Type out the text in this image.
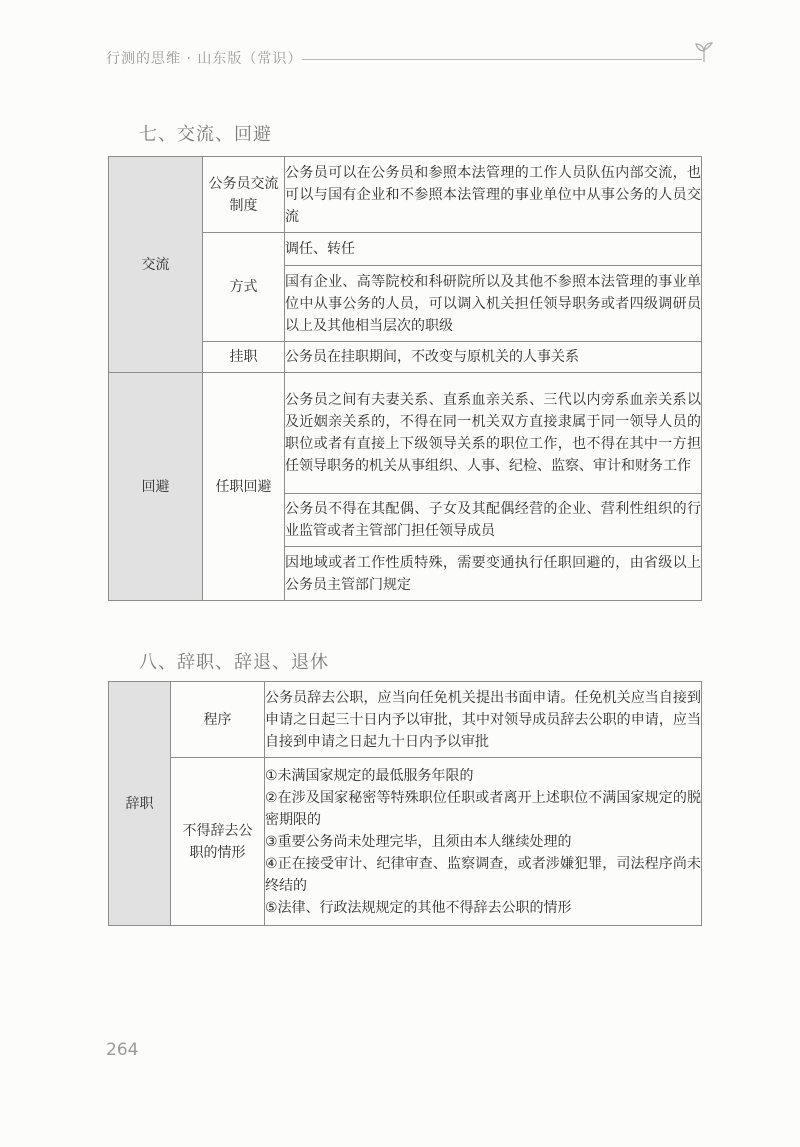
行测的思维 · 山东版（常识）
七、交流、回避
交流	公务员交流制度	公务员可以在公务员和参照本法管理的工作人员队伍内部交流，也可以与国有企业和不参照本法管理的事业单位中从事公务的人员交流
	方式	调任、转任
		国有企业、高等院校和科研院所以及其他不参照本法管理的事业单位中从事公务的人员，可以调入机关担任领导职务或者四级调研员以上及其他相当层次的职级
	挂职	公务员在挂职期间，不改变与原机关的人事关系
回避	任职回避	公务员之间有夫妻关系、直系血亲关系、三代以内旁系血亲关系以及近姻亲关系的，不得在同一机关双方直接隶属于同一领导人员的职位或者有直接上下级领导关系的职位工作，也不得在其中一方担任领导职务的机关从事组织、人事、纪检、监察、审计和财务工作
		公务员不得在其配偶、子女及其配偶经营的企业、营利性组织的行业监管或者主管部门担任领导成员
		因地域或者工作性质特殊，需要变通执行任职回避的，由省级以上公务员主管部门规定
八、辞职、辞退、退休
辞职	程序	公务员辞去公职，应当向任免机关提出书面申请。任免机关应当自接到申请之日起三十日内予以审批，其中对领导成员辞去公职的申请，应当自接到申请之日起九十日内予以审批
	不得辞去公职的情形	①未满国家规定的最低服务年限的
②在涉及国家秘密等特殊职位任职或者离开上述职位不满国家规定的脱密期限的
③重要公务尚未处理完毕，且须由本人继续处理的
④正在接受审计、纪律审查、监察调查，或者涉嫌犯罪，司法程序尚未终结的
⑤法律、行政法规规定的其他不得辞去公职的情形
264
